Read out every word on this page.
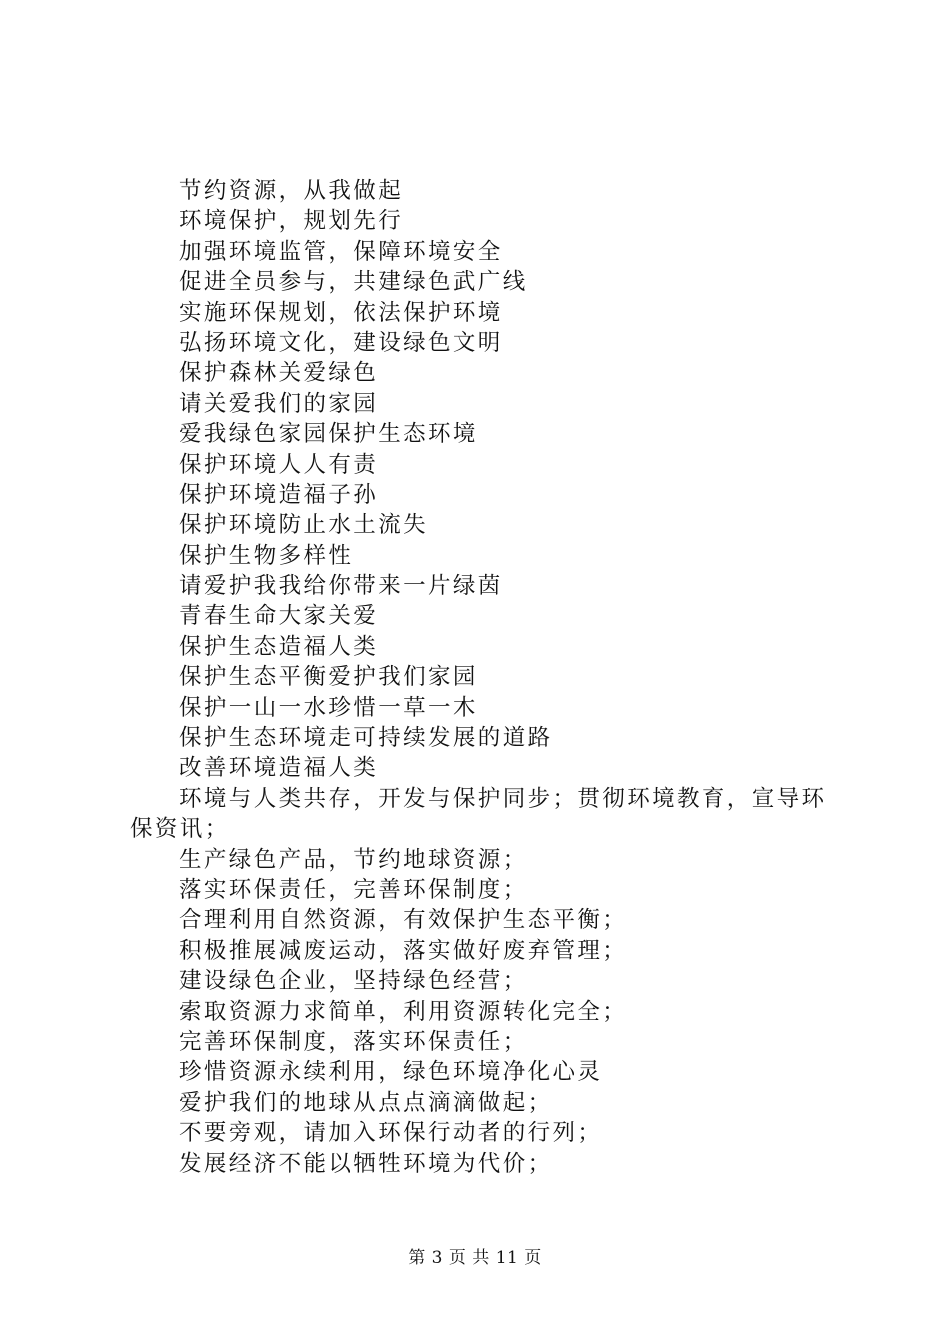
节约资源，从我做起
环境保护，规划先行
加强环境监管，保障环境安全
促进全员参与，共建绿色武广线
实施环保规划，依法保护环境
弘扬环境文化，建设绿色文明
保护森林关爱绿色
请关爱我们的家园
爱我绿色家园保护生态环境
保护环境人人有责
保护环境造福子孙
保护环境防止水土流失
保护生物多样性
请爱护我我给你带来一片绿茵
青春生命大家关爱
保护生态造福人类
保护生态平衡爱护我们家园
保护一山一水珍惜一草一木
保护生态环境走可持续发展的道路
改善环境造福人类
环境与人类共存，开发与保护同步；贯彻环境教育，宣导环保资讯；
生产绿色产品，节约地球资源；
落实环保责任，完善环保制度；
合理利用自然资源，有效保护生态平衡；
积极推展减废运动，落实做好废弃管理；
建设绿色企业，坚持绿色经营；
索取资源力求简单，利用资源转化完全；
完善环保制度，落实环保责任；
珍惜资源永续利用，绿色环境净化心灵
爱护我们的地球从点点滴滴做起；
不要旁观，请加入环保行动者的行列；
发展经济不能以牺牲环境为代价；
第 3 页 共 11 页
